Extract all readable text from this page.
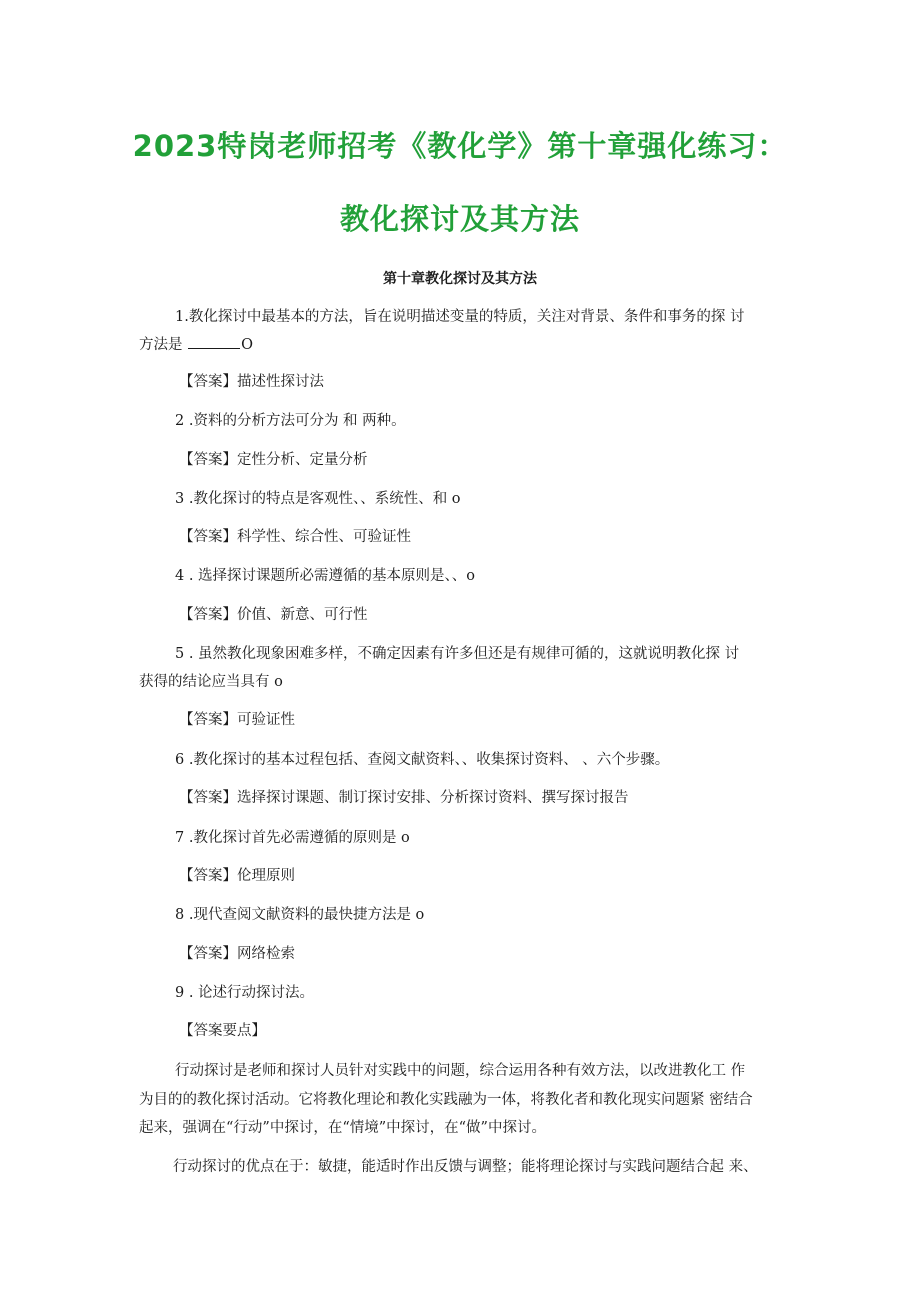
2023特岗老师招考《教化学》第十章强化练习：
教化探讨及其方法
第十章教化探讨及其方法
1.教化探讨中最基本的方法，旨在说明描述变量的特质，关注对背景、条件和事务的探 讨
方法是	O
【答案】描述性探讨法
2 .资料的分析方法可分为 和 两种。
【答案】定性分析、定量分析
3 .教化探讨的特点是客观性、、系统性、和 o
【答案】科学性、综合性、可验证性
4 . 选择探讨课题所必需遵循的基本原则是、、o
【答案】价值、新意、可行性
5 . 虽然教化现象困难多样，不确定因素有许多但还是有规律可循的，这就说明教化探 讨
获得的结论应当具有 o
【答案】可验证性
6 .教化探讨的基本过程包括、查阅文献资料、、收集探讨资料、 、六个步骤。
【答案】选择探讨课题、制订探讨安排、分析探讨资料、撰写探讨报告
7 .教化探讨首先必需遵循的原则是 o
【答案】伦理原则
8 .现代查阅文献资料的最快捷方法是 o
【答案】网络检索
9 . 论述行动探讨法。
【答案要点】
行动探讨是老师和探讨人员针对实践中的问题，综合运用各种有效方法，以改进教化工 作
为目的的教化探讨活动。它将教化理论和教化实践融为一体，将教化者和教化现实问题紧 密结合
起来，强调在“行动”中探讨，在“情境”中探讨，在“做”中探讨。
行动探讨的优点在于：敏捷，能适时作出反馈与调整；能将理论探讨与实践问题结合起 来、
